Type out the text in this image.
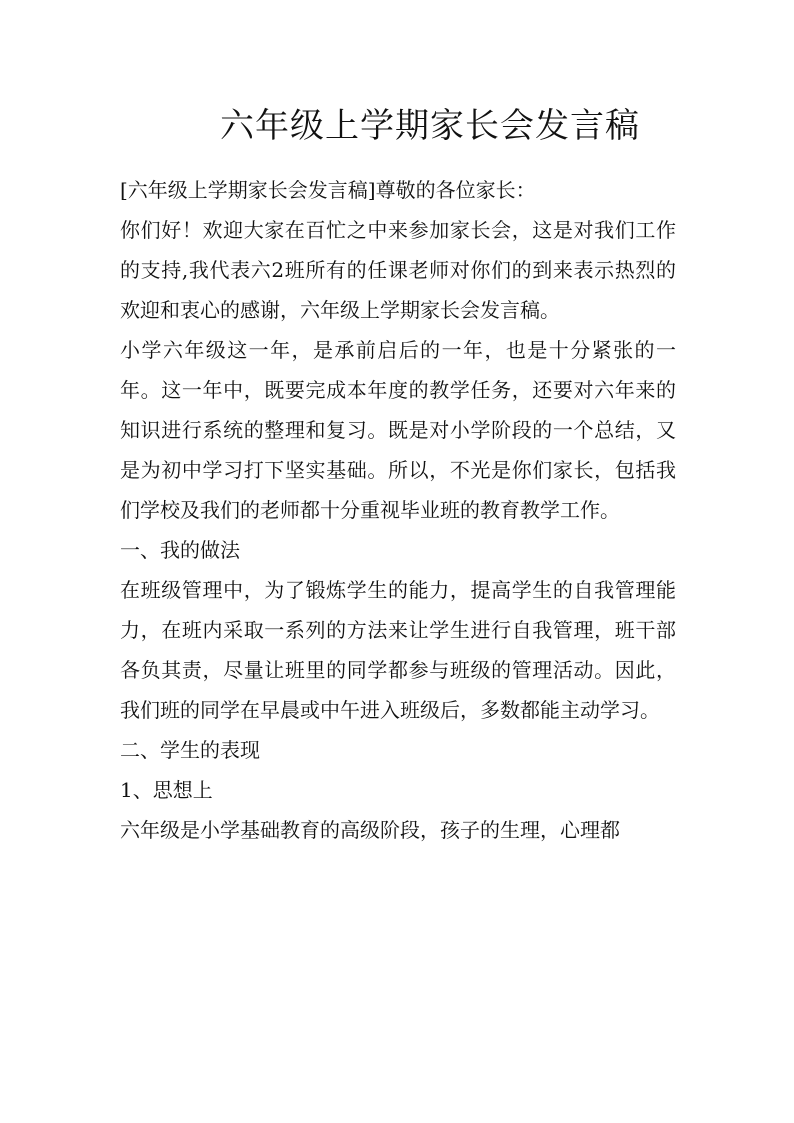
六年级上学期家长会发言稿

[六年级上学期家长会发言稿]尊敬的各位家长：

你们好！欢迎大家在百忙之中来参加家长会，这是对我们工作的支持,我代表六2班所有的任课老师对你们的到来表示热烈的欢迎和衷心的感谢，六年级上学期家长会发言稿。

小学六年级这一年，是承前启后的一年，也是十分紧张的一年。这一年中，既要完成本年度的教学任务，还要对六年来的知识进行系统的整理和复习。既是对小学阶段的一个总结，又是为初中学习打下坚实基础。所以，不光是你们家长，包括我们学校及我们的老师都十分重视毕业班的教育教学工作。

一、我的做法

在班级管理中，为了锻炼学生的能力，提高学生的自我管理能力，在班内采取一系列的方法来让学生进行自我管理，班干部各负其责，尽量让班里的同学都参与班级的管理活动。因此，我们班的同学在早晨或中午进入班级后，多数都能主动学习。

二、学生的表现

1、思想上

六年级是小学基础教育的高级阶段，孩子的生理，心理都
